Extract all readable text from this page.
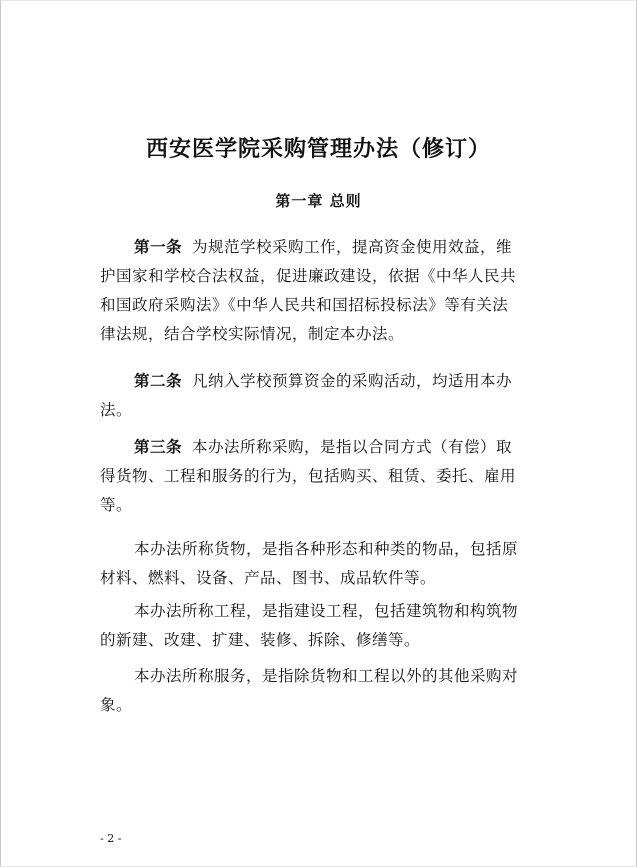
西安医学院采购管理办法（修订）
第一章 总则
第一条 为规范学校采购工作，提高资金使用效益，维
护国家和学校合法权益，促进廉政建设，依据《中华人民共
和国政府采购法》《中华人民共和国招标投标法》等有关法
律法规，结合学校实际情况，制定本办法。
第二条 凡纳入学校预算资金的采购活动，均适用本办
法。
第三条 本办法所称采购，是指以合同方式（有偿）取
得货物、工程和服务的行为，包括购买、租赁、委托、雇用
等。
本办法所称货物，是指各种形态和种类的物品，包括原
材料、燃料、设备、产品、图书、成品软件等。
本办法所称工程，是指建设工程，包括建筑物和构筑物
的新建、改建、扩建、装修、拆除、修缮等。
本办法所称服务，是指除货物和工程以外的其他采购对
象。
- 2 -
